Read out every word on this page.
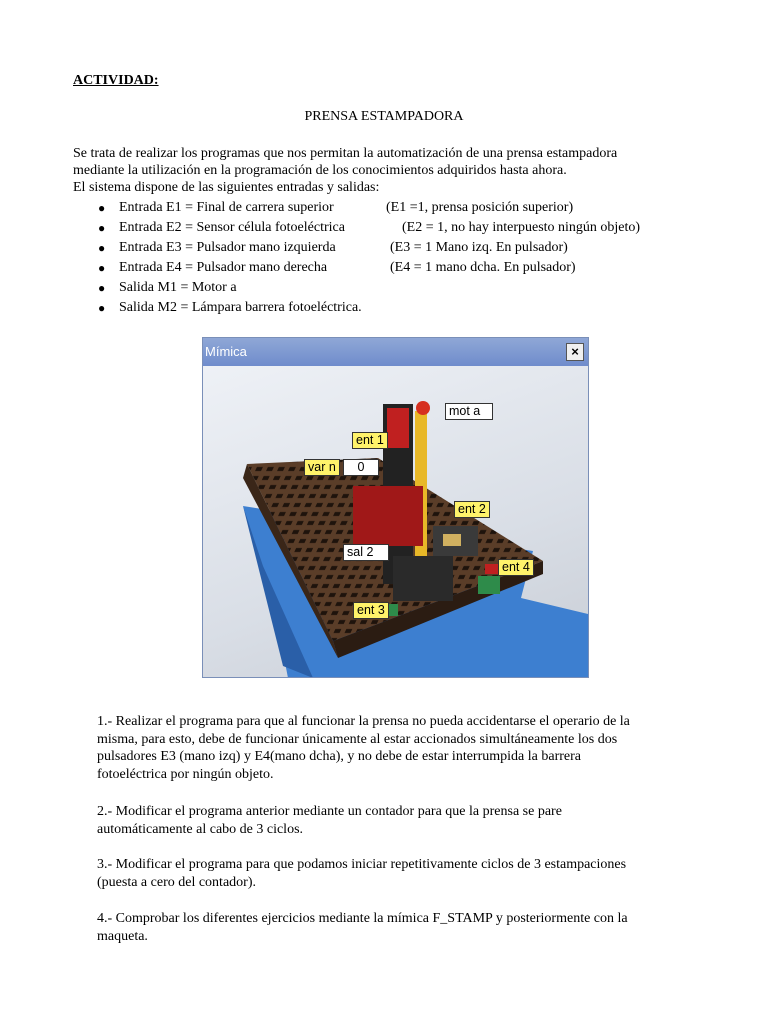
ACTIVIDAD:
PRENSA ESTAMPADORA

Se trata de realizar los programas que nos permitan la automatización de una prensa estampadora

mediante la utilización en la programación de los conocimientos adquiridos hasta ahora.

El sistema dispone de las siguientes entradas y salidas:

● Entrada E1 = Final de carrera superior	(E1 =1, prensa posición superior)
● Entrada E2 = Sensor célula fotoeléctrica	(E2 = 1, no hay interpuesto ningún objeto)
● Entrada E3 = Pulsador mano izquierda	(E3 = 1 Mano izq. En pulsador)
● Entrada E4 = Pulsador mano derecha	(E4 = 1 mano dcha. En pulsador)
● Salida M1 = Motor a
● Salida M2 = Lámpara barrera fotoeléctrica.
Mímica	×
mot a
ent 1
var n	0
ent 2
sal 2
ent 4
ent 3

1.- Realizar el programa para que al funcionar la prensa no pueda accidentarse el operario de la

misma, para esto, debe de funcionar únicamente al estar accionados simultáneamente los dos

pulsadores E3 (mano izq) y E4(mano dcha), y no debe de estar interrumpida la barrera

fotoeléctrica por ningún objeto.

2.- Modificar el programa anterior mediante un contador para que la prensa se pare

automáticamente al cabo de 3 ciclos.

3.- Modificar el programa para que podamos iniciar repetitivamente ciclos de 3 estampaciones

(puesta a cero del contador).

4.- Comprobar los diferentes ejercicios mediante la mímica F_STAMP y posteriormente con la

maqueta.
